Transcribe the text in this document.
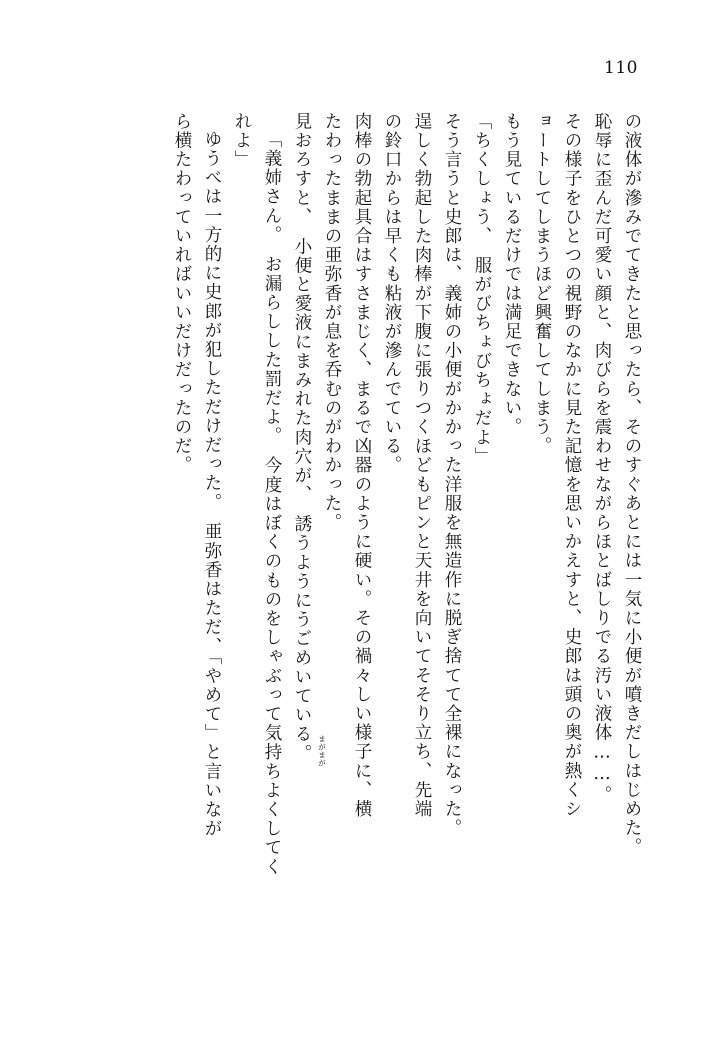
110
の液体が滲みでてきたと思ったら、そのすぐあとには一気に小便が噴きだしはじめた。
恥辱に歪んだ可愛い顔と、肉びらを震わせながらほとばしりでる汚い液体……。
その様子をひとつの視野のなかに見た記憶を思いかえすと、史郎は頭の奥が熱くシ
ョートしてしまうほど興奮してしまう。
もう見ているだけでは満足できない。
「ちくしょう、　服がびちょびちょだよ」
そう言うと史郎は、義姉の小便がかかった洋服を無造作に脱ぎ捨てて全裸になった。
逞しく勃起した肉棒が下腹に張りつくほどもピンと天井を向いてそそり立ち、先端
の鈴口からは早くも粘液が滲んでている。
肉棒の勃起具合はすさまじく、まるで凶器のように硬い。その禍々しい様子に、横
たわったままの亜弥香が息を呑むのがわかった。
見おろすと、　小便と愛液にまみれた肉穴が、　誘うようにうごめいている。
「義姉さん。　お漏らしした罰だよ。　今度はぼくのものをしゃぶって気持ちよくしてく
れよ」
ゆうべは一方的に史郎が犯しただけだった。　亜弥香はただ、「やめて」と言いなが
ら横たわっていればいいだけだったのだ。
まがまが
